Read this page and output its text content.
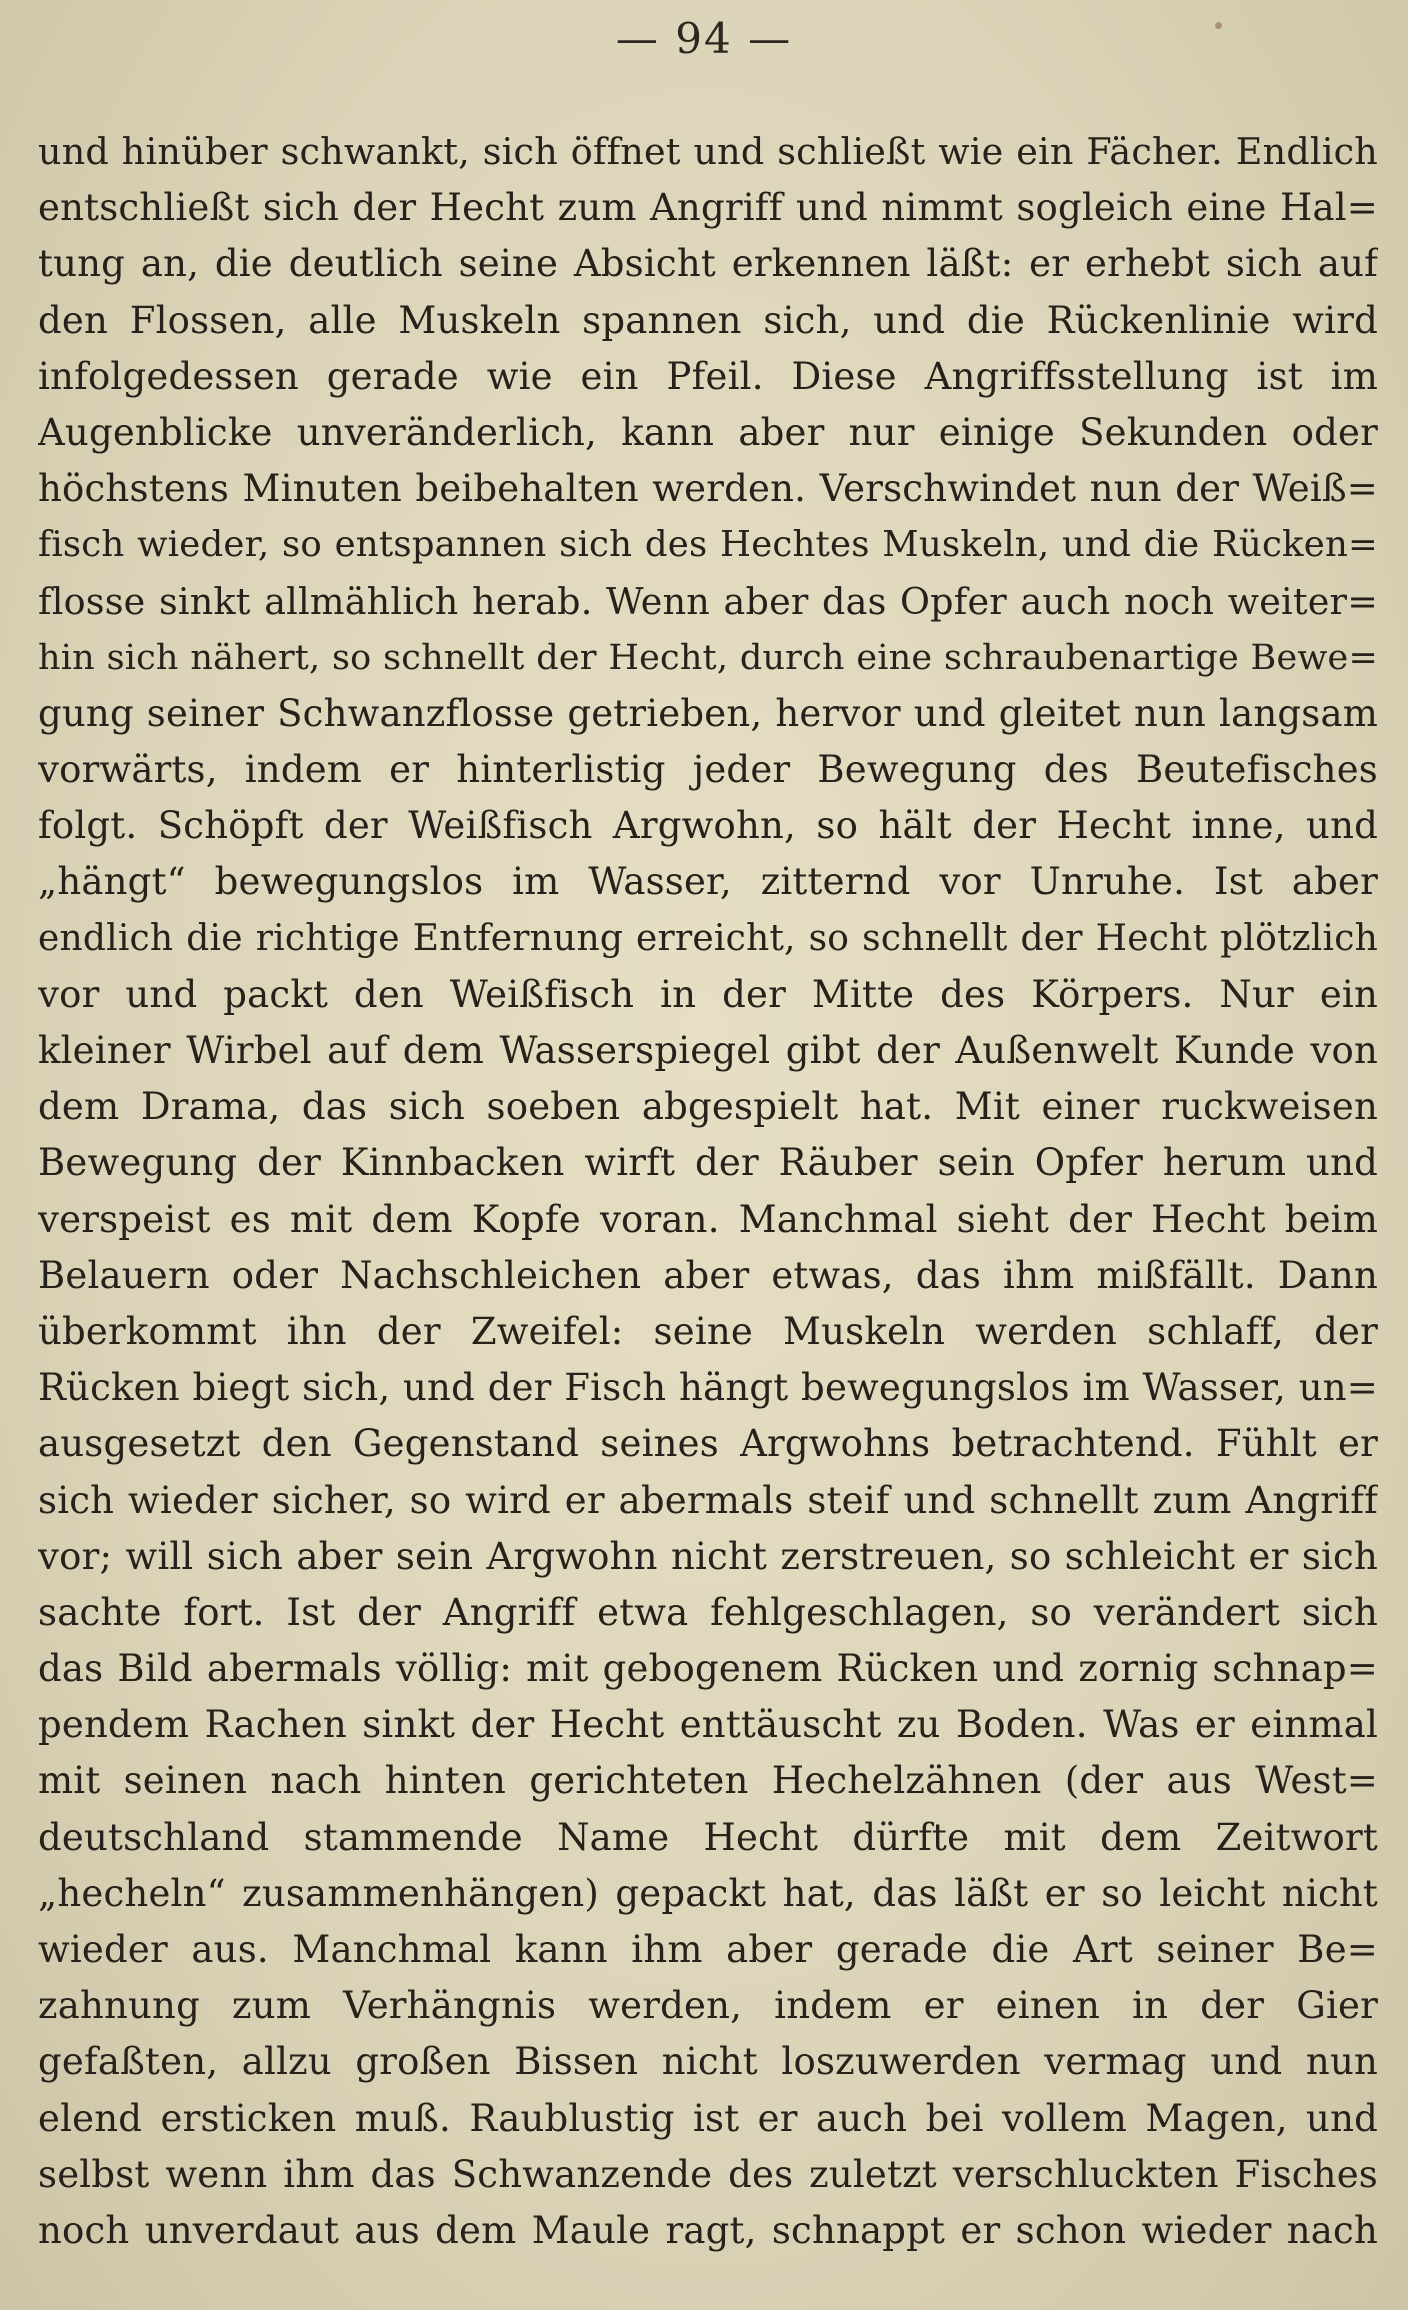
— 94 —
und hinüber schwankt, sich öffnet und schließt wie ein Fächer. Endlich
entschließt sich der Hecht zum Angriff und nimmt sogleich eine Hal=
tung an, die deutlich seine Absicht erkennen läßt: er erhebt sich auf
den Flossen, alle Muskeln spannen sich, und die Rückenlinie wird
infolgedessen gerade wie ein Pfeil. Diese Angriffsstellung ist im
Augenblicke unveränderlich, kann aber nur einige Sekunden oder
höchstens Minuten beibehalten werden. Verschwindet nun der Weiß=
fisch wieder, so entspannen sich des Hechtes Muskeln, und die Rücken=
flosse sinkt allmählich herab. Wenn aber das Opfer auch noch weiter=
hin sich nähert, so schnellt der Hecht, durch eine schraubenartige Bewe=
gung seiner Schwanzflosse getrieben, hervor und gleitet nun langsam
vorwärts, indem er hinterlistig jeder Bewegung des Beutefisches
folgt. Schöpft der Weißfisch Argwohn, so hält der Hecht inne, und
„hängt“ bewegungslos im Wasser, zitternd vor Unruhe. Ist aber
endlich die richtige Entfernung erreicht, so schnellt der Hecht plötzlich
vor und packt den Weißfisch in der Mitte des Körpers. Nur ein
kleiner Wirbel auf dem Wasserspiegel gibt der Außenwelt Kunde von
dem Drama, das sich soeben abgespielt hat. Mit einer ruckweisen
Bewegung der Kinnbacken wirft der Räuber sein Opfer herum und
verspeist es mit dem Kopfe voran. Manchmal sieht der Hecht beim
Belauern oder Nachschleichen aber etwas, das ihm mißfällt. Dann
überkommt ihn der Zweifel: seine Muskeln werden schlaff, der
Rücken biegt sich, und der Fisch hängt bewegungslos im Wasser, un=
ausgesetzt den Gegenstand seines Argwohns betrachtend. Fühlt er
sich wieder sicher, so wird er abermals steif und schnellt zum Angriff
vor; will sich aber sein Argwohn nicht zerstreuen, so schleicht er sich
sachte fort. Ist der Angriff etwa fehlgeschlagen, so verändert sich
das Bild abermals völlig: mit gebogenem Rücken und zornig schnap=
pendem Rachen sinkt der Hecht enttäuscht zu Boden. Was er einmal
mit seinen nach hinten gerichteten Hechelzähnen (der aus West=
deutschland stammende Name Hecht dürfte mit dem Zeitwort
„hecheln“ zusammenhängen) gepackt hat, das läßt er so leicht nicht
wieder aus. Manchmal kann ihm aber gerade die Art seiner Be=
zahnung zum Verhängnis werden, indem er einen in der Gier
gefaßten, allzu großen Bissen nicht loszuwerden vermag und nun
elend ersticken muß. Raublustig ist er auch bei vollem Magen, und
selbst wenn ihm das Schwanzende des zuletzt verschluckten Fisches
noch unverdaut aus dem Maule ragt, schnappt er schon wieder nach
